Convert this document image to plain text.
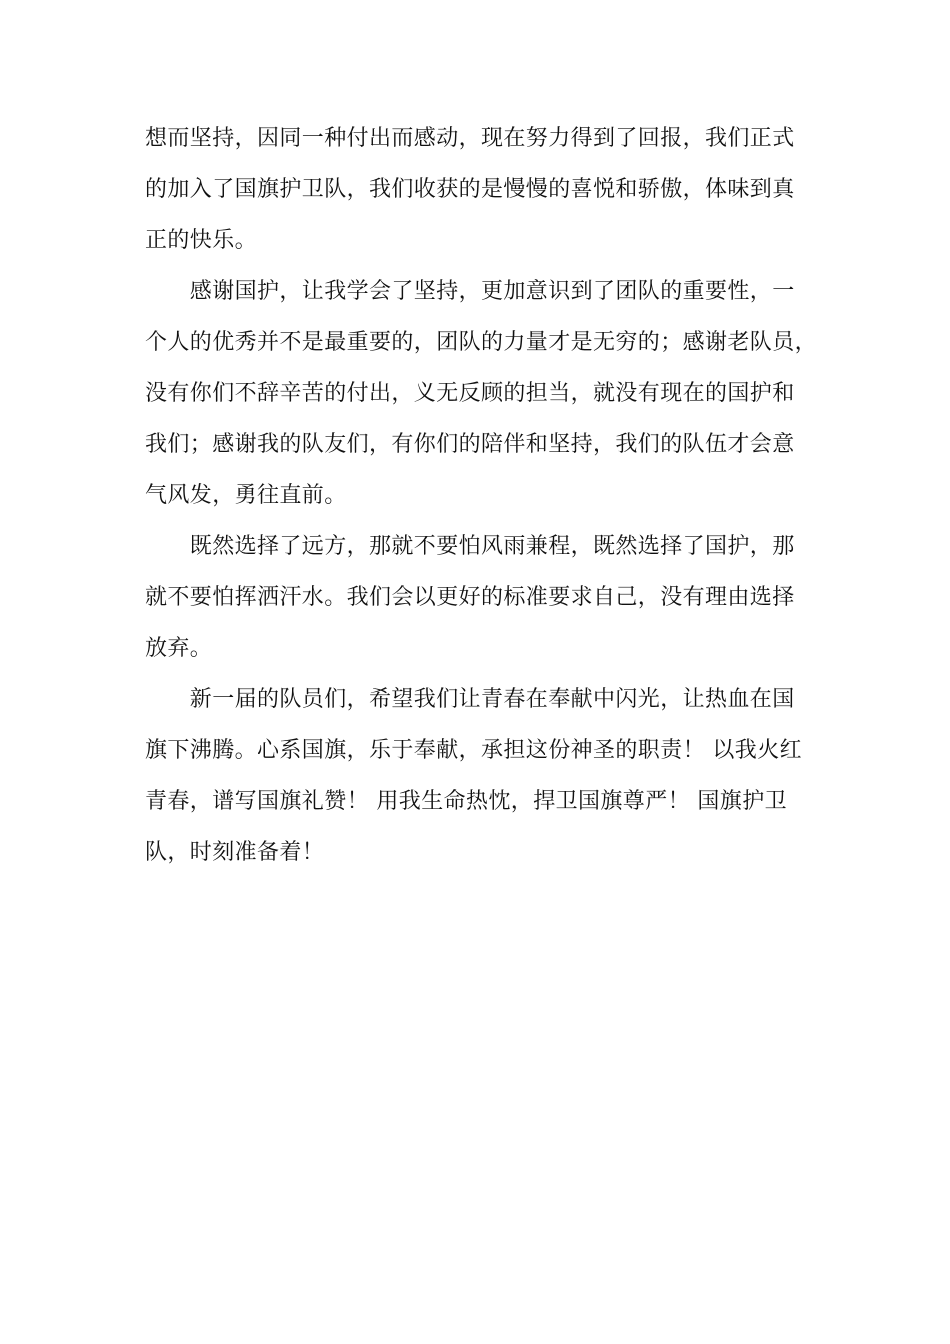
想而坚持，因同一种付出而感动，现在努力得到了回报，我们正式
的加入了国旗护卫队，我们收获的是慢慢的喜悦和骄傲，体味到真
正的快乐。
　　感谢国护，让我学会了坚持，更加意识到了团队的重要性，一
个人的优秀并不是最重要的，团队的力量才是无穷的；感谢老队员，
没有你们不辞辛苦的付出，义无反顾的担当，就没有现在的国护和
我们；感谢我的队友们，有你们的陪伴和坚持，我们的队伍才会意
气风发，勇往直前。
　　既然选择了远方，那就不要怕风雨兼程，既然选择了国护，那
就不要怕挥洒汗水。我们会以更好的标准要求自己，没有理由选择
放弃。
　　新一届的队员们，希望我们让青春在奉献中闪光，让热血在国
旗下沸腾。心系国旗，乐于奉献，承担这份神圣的职责！ 以我火红
青春，谱写国旗礼赞！ 用我生命热忱，捍卫国旗尊严！ 国旗护卫
队，时刻准备着！
